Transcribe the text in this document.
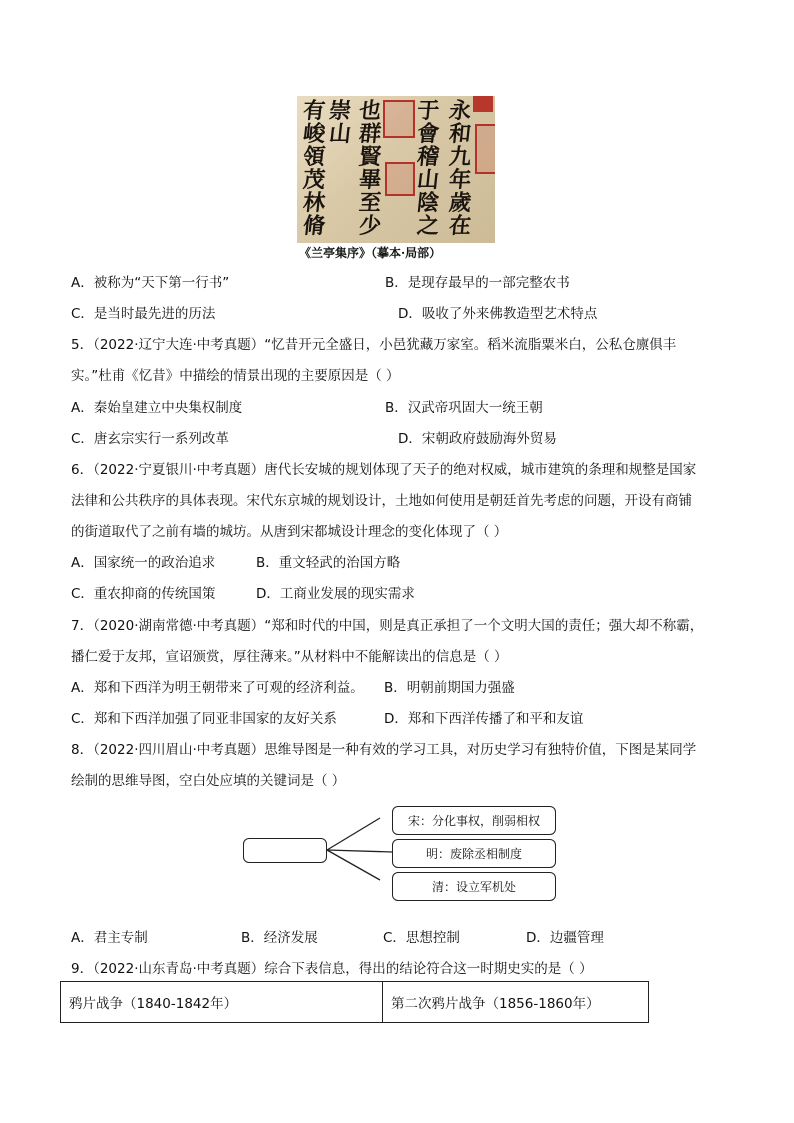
有
峻
領
茂
林
脩
崇
山
也
群
賢
畢
至
少
于
會
稽
山
陰
之
永
和
九
年
歲
在
《兰亭集序》（摹本·局部）
A．被称为“天下第一行书”	B．是现存最早的一部完整农书
C．是当时最先进的历法	D．吸收了外来佛教造型艺术特点
5．（2022·辽宁大连·中考真题）“忆昔开元全盛日，小邑犹藏万家室。稻米流脂粟米白，公私仓廪俱丰
实。”杜甫《忆昔》中描绘的情景出现的主要原因是（ ）
A．秦始皇建立中央集权制度	B．汉武帝巩固大一统王朝
C．唐玄宗实行一系列改革	D．宋朝政府鼓励海外贸易
6．（2022·宁夏银川·中考真题）唐代长安城的规划体现了天子的绝对权威，城市建筑的条理和规整是国家
法律和公共秩序的具体表现。宋代东京城的规划设计，土地如何使用是朝廷首先考虑的问题，开设有商铺
的街道取代了之前有墙的城坊。从唐到宋都城设计理念的变化体现了（ ）
A．国家统一的政治追求	B．重文轻武的治国方略
C．重农抑商的传统国策	D．工商业发展的现实需求
7．（2020·湖南常德·中考真题）“郑和时代的中国，则是真正承担了一个文明大国的责任；强大却不称霸，
播仁爱于友邦，宣诏颁赏，厚往薄来。”从材料中不能解读出的信息是（ ）
A．郑和下西洋为明王朝带来了可观的经济利益。 B．明朝前期国力强盛
C．郑和下西洋加强了同亚非国家的友好关系	D．郑和下西洋传播了和平和友谊
8．（2022·四川眉山·中考真题）思维导图是一种有效的学习工具，对历史学习有独特价值，下图是某同学
绘制的思维导图，空白处应填的关键词是（ ）
宋：分化事权，削弱相权
明：废除丞相制度
清：设立军机处
A．君主专制	B．经济发展	C．思想控制	D．边疆管理
9．（2022·山东青岛·中考真题）综合下表信息，得出的结论符合这一时期史实的是（ ）
鸦片战争（1840-1842年）	第二次鸦片战争（1856-1860年）
